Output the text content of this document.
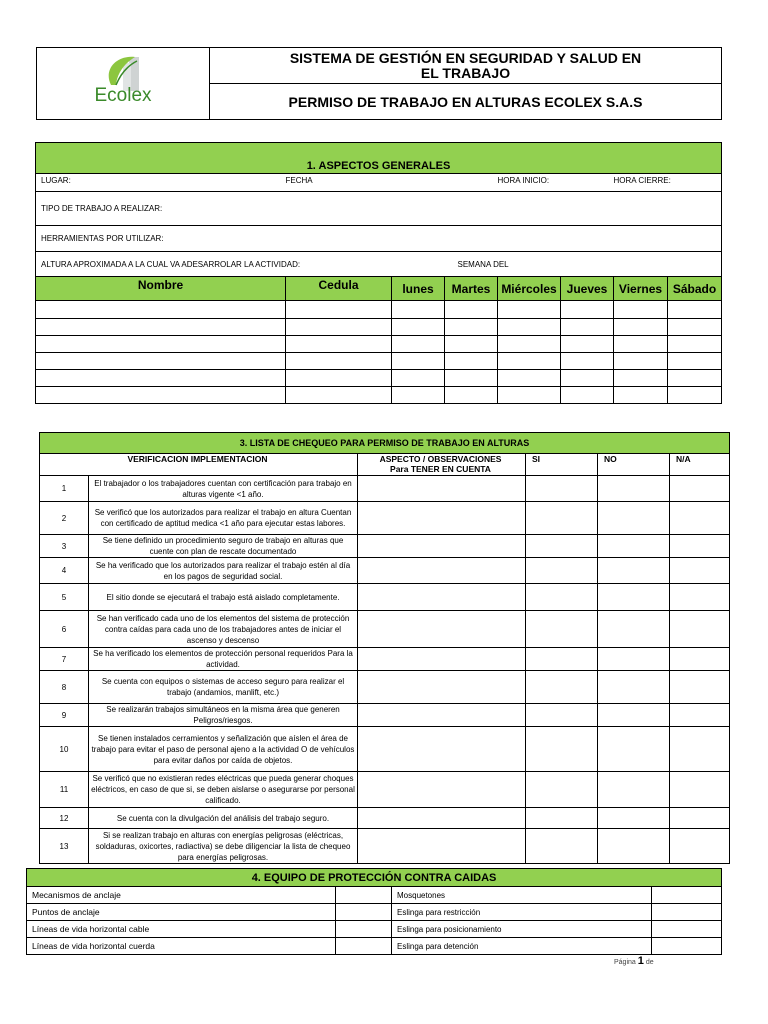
Ecolex
	SISTEMA DE GESTIÓN EN SEGURIDAD Y SALUD EN
EL TRABAJO
PERMISO DE TRABAJO EN ALTURAS ECOLEX S.A.S
1. ASPECTOS GENERALES							
LUGAR:	FECHA			HORA INICIO:		HORA CIERRE:	
TIPO DE TRABAJO A REALIZAR:							
HERRAMIENTAS POR UTILIZAR:							
ALTURA APROXIMADA A LA CUAL VA ADESARROLAR LA ACTIVIDAD:			SEMANA DEL				
Nombre	Cedula	lunes	Martes	Miércoles	Jueves	Viernes	Sábado

3. LISTA DE CHEQUEO PARA PERMISO DE TRABAJO EN ALTURAS					
VERIFICACION IMPLEMENTACION		ASPECTO / OBSERVACIONES
Para TENER EN CUENTA	SI	NO	N/A
1	El trabajador o los trabajadores cuentan con certificación para trabajo en alturas vigente <1 año.				
2	Se verificó que los autorizados para realizar el trabajo en altura Cuentan con certificado de aptitud medica <1 año para ejecutar estas labores.				
3	Se tiene definido un procedimiento seguro de trabajo en alturas que cuente con plan de rescate documentado				
4	Se ha verificado que los autorizados para realizar el trabajo estén al día en los pagos de seguridad social.				
5	El sitio donde se ejecutará el trabajo está aislado completamente.				
6	Se han verificado cada uno de los elementos del sistema de protección contra caídas para cada uno de los trabajadores antes de iniciar el ascenso y descenso				
7	Se ha verificado los elementos de protección personal requeridos Para la actividad.				
8	Se cuenta con equipos o sistemas de acceso seguro para realizar el trabajo (andamios, manlift, etc.)				
9	Se realizarán trabajos simultáneos en la misma área que generen Peligros/riesgos.				
10	Se tienen instalados cerramientos y señalización que aíslen el área de trabajo para evitar el paso de personal ajeno a la actividad O de vehículos para evitar daños por caída de objetos.				
11	Se verificó que no existieran redes eléctricas que pueda generar choques eléctricos, en caso de que si, se deben aislarse o asegurarse por personal calificado.				
12	Se cuenta con la divulgación del análisis del trabajo seguro.				
13	Si se realizan trabajo en alturas con energías peligrosas (eléctricas, soldaduras, oxicortes, radiactiva) se debe diligenciar la lista de chequeo para energías peligrosas.				
4. EQUIPO DE PROTECCIÓN CONTRA CAIDAS			
Mecanismos de anclaje		Mosquetones	
Puntos de anclaje		Eslinga para restricción	
Líneas de vida horizontal cable		Eslinga para posicionamiento	
Líneas de vida horizontal cuerda		Eslinga para detención	
Página 1 de
